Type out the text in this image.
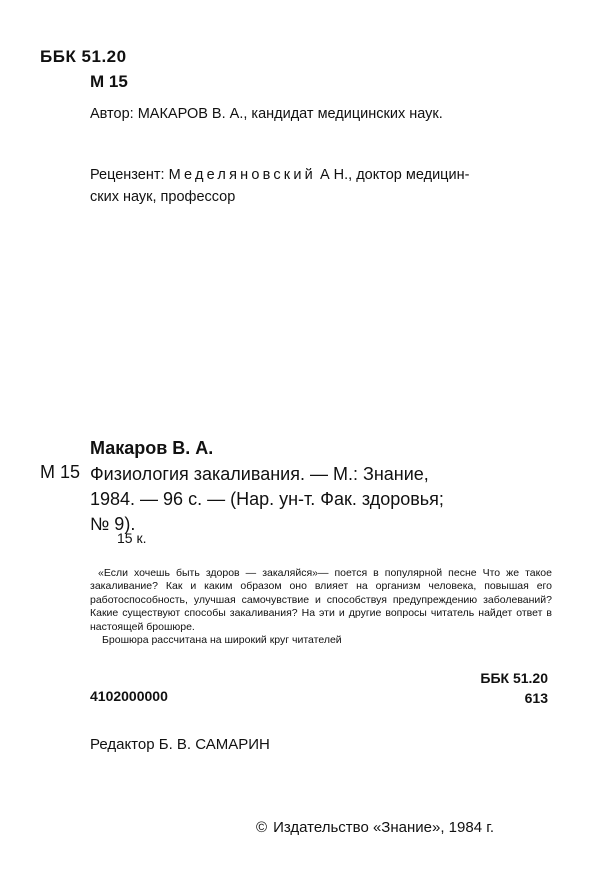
ББК 51.20
М 15
Автор: МАКАРОВ В. А., кандидат медицинских наук.
Рецензент: Меделяновский А Н., доктор медицин-
ских наук, профессор
Макаров В. А.
М 15 Физиология закаливания. — М.: Знание,
1984. — 96 с. — (Нар. ун-т. Фак. здоровья;
№ 9).
15 к.

«Если хочешь быть здоров — закаляйся»— поется в популярной песне Что же такое закаливание? Как и каким образом оно влияет на организм человека, повышая его работоспособность, улучшая самочувствие и способствуя предупреждению заболеваний? Какие существуют способы закаливания? На эти и другие вопросы читатель найдет ответ в настоящей брошюре.

Брошюра рассчитана на широкий круг читателей

ББК 51.20
613
4102000000
Редактор Б. В. САМАРИН
© Издательство «Знание», 1984 г.
